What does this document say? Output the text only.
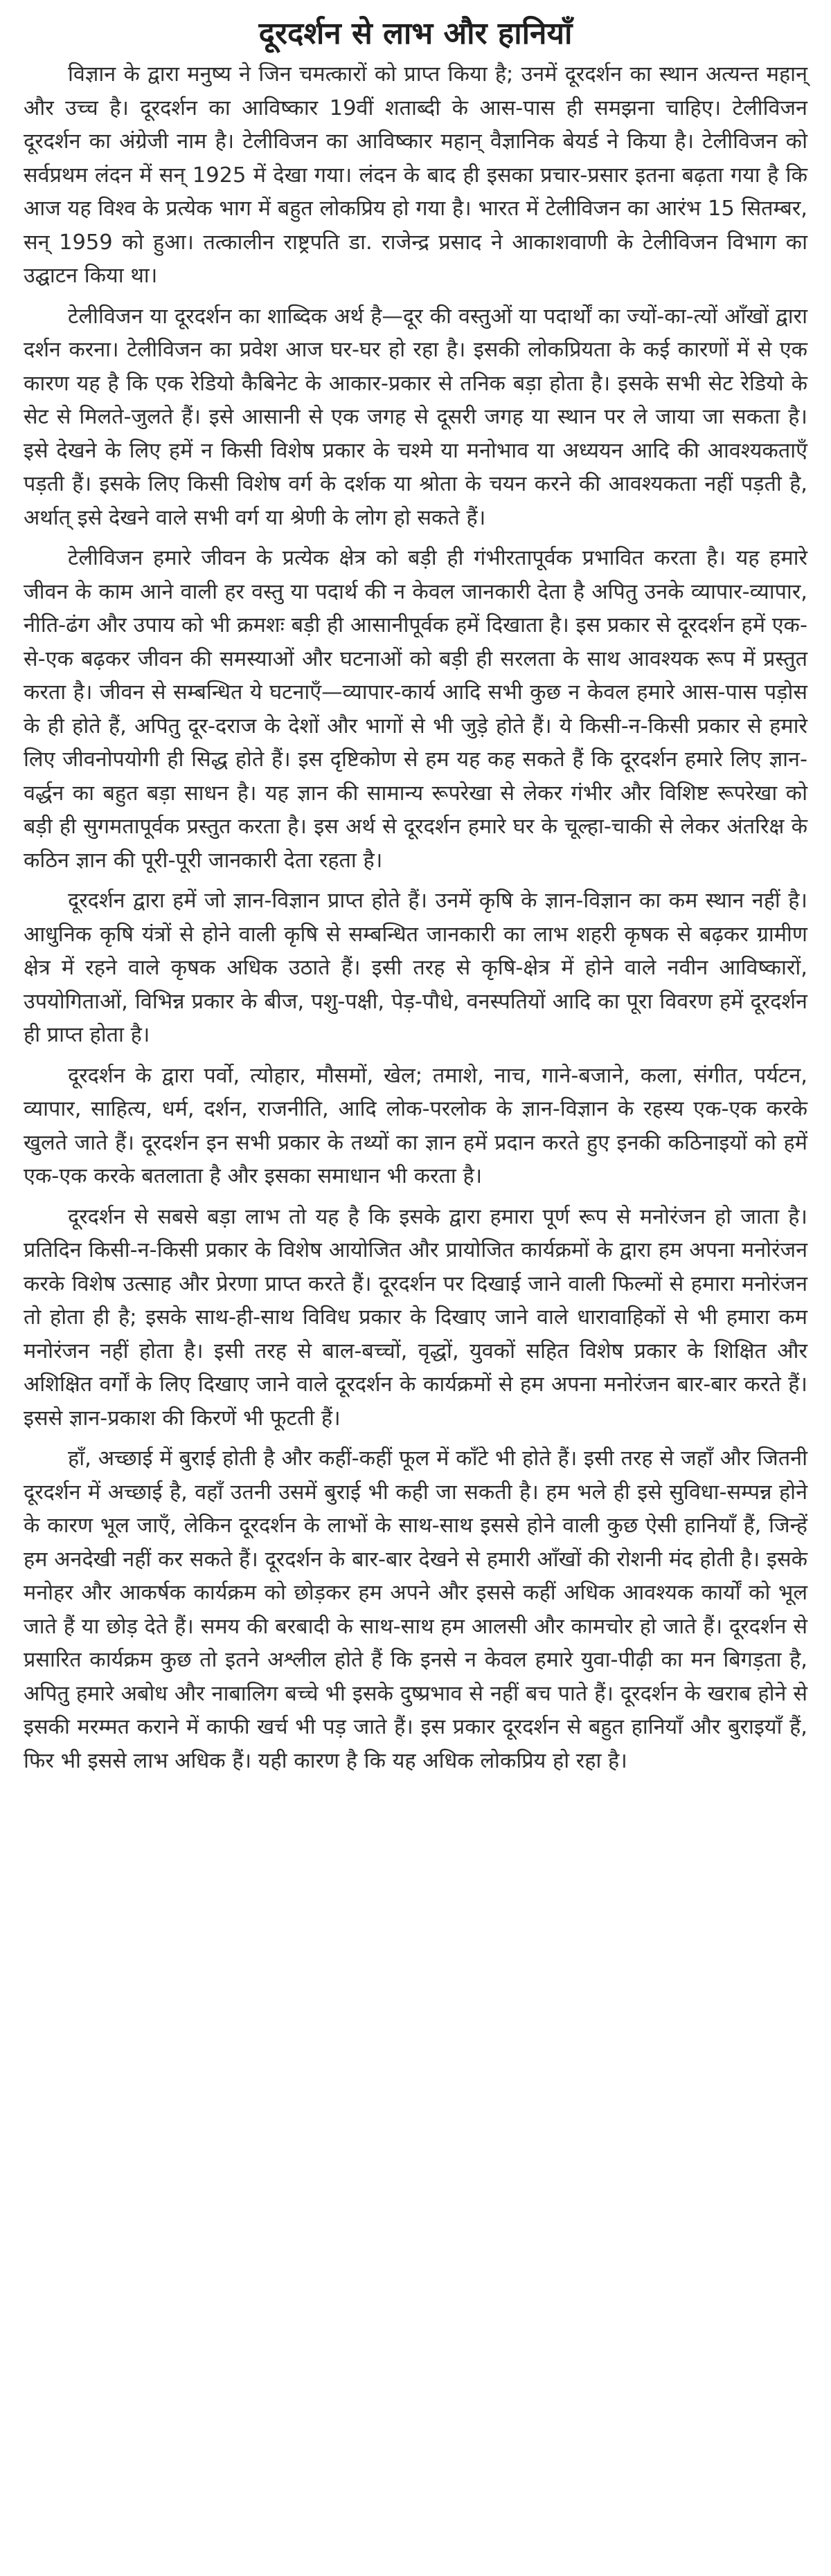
दूरदर्शन से लाभ और हानियाँ

विज्ञान के द्वारा मनुष्य ने जिन चमत्कारों को प्राप्त किया है; उनमें दूरदर्शन का स्थान अत्यन्त महान् और उच्च है। दूरदर्शन का आविष्कार 19वीं शताब्दी के आस-पास ही समझना चाहिए। टेलीविजन दूरदर्शन का अंग्रेजी नाम है। टेलीविजन का आविष्कार महान् वैज्ञानिक बेयर्ड ने किया है। टेलीविजन को सर्वप्रथम लंदन में सन् 1925 में देखा गया। लंदन के बाद ही इसका प्रचार-प्रसार इतना बढ़ता गया है कि आज यह विश्व के प्रत्येक भाग में बहुत लोकप्रिय हो गया है। भारत में टेलीविजन का आरंभ 15 सितम्बर, सन् 1959 को हुआ। तत्कालीन राष्ट्रपति डा. राजेन्द्र प्रसाद ने आकाशवाणी के टेलीविजन विभाग का उद्घाटन किया था।

टेलीविजन या दूरदर्शन का शाब्दिक अर्थ है—दूर की वस्तुओं या पदार्थों का ज्यों-का-त्यों आँखों द्वारा दर्शन करना। टेलीविजन का प्रवेश आज घर-घर हो रहा है। इसकी लोकप्रियता के कई कारणों में से एक कारण यह है कि एक रेडियो कैबिनेट के आकार-प्रकार से तनिक बड़ा होता है। इसके सभी सेट रेडियो के सेट से मिलते-जुलते हैं। इसे आसानी से एक जगह से दूसरी जगह या स्थान पर ले जाया जा सकता है। इसे देखने के लिए हमें न किसी विशेष प्रकार के चश्मे या मनोभाव या अध्ययन आदि की आवश्यकताएँ पड़ती हैं। इसके लिए किसी विशेष वर्ग के दर्शक या श्रोता के चयन करने की आवश्यकता नहीं पड़ती है, अर्थात् इसे देखने वाले सभी वर्ग या श्रेणी के लोग हो सकते हैं।

टेलीविजन हमारे जीवन के प्रत्येक क्षेत्र को बड़ी ही गंभीरतापूर्वक प्रभावित करता है। यह हमारे जीवन के काम आने वाली हर वस्तु या पदार्थ की न केवल जानकारी देता है अपितु उनके व्यापार-व्यापार, नीति-ढंग और उपाय को भी क्रमशः बड़ी ही आसानीपूर्वक हमें दिखाता है। इस प्रकार से दूरदर्शन हमें एक-से-एक बढ़कर जीवन की समस्याओं और घटनाओं को बड़ी ही सरलता के साथ आवश्यक रूप में प्रस्तुत करता है। जीवन से सम्बन्धित ये घटनाएँ—व्यापार-कार्य आदि सभी कुछ न केवल हमारे आस-पास पड़ोस के ही होते हैं, अपितु दूर-दराज के देशों और भागों से भी जुड़े होते हैं। ये किसी-न-किसी प्रकार से हमारे लिए जीवनोपयोगी ही सिद्ध होते हैं। इस दृष्टिकोण से हम यह कह सकते हैं कि दूरदर्शन हमारे लिए ज्ञान-वर्द्धन का बहुत बड़ा साधन है। यह ज्ञान की सामान्य रूपरेखा से लेकर गंभीर और विशिष्ट रूपरेखा को बड़ी ही सुगमतापूर्वक प्रस्तुत करता है। इस अर्थ से दूरदर्शन हमारे घर के चूल्हा-चाकी से लेकर अंतरिक्ष के कठिन ज्ञान की पूरी-पूरी जानकारी देता रहता है।

दूरदर्शन द्वारा हमें जो ज्ञान-विज्ञान प्राप्त होते हैं। उनमें कृषि के ज्ञान-विज्ञान का कम स्थान नहीं है। आधुनिक कृषि यंत्रों से होने वाली कृषि से सम्बन्धित जानकारी का लाभ शहरी कृषक से बढ़कर ग्रामीण क्षेत्र में रहने वाले कृषक अधिक उठाते हैं। इसी तरह से कृषि-क्षेत्र में होने वाले नवीन आविष्कारों, उपयोगिताओं, विभिन्न प्रकार के बीज, पशु-पक्षी, पेड़-पौधे, वनस्पतियों आदि का पूरा विवरण हमें दूरदर्शन ही प्राप्त होता है।

दूरदर्शन के द्वारा पर्वो, त्योहार, मौसमों, खेल; तमाशे, नाच, गाने-बजाने, कला, संगीत, पर्यटन, व्यापार, साहित्य, धर्म, दर्शन, राजनीति, आदि लोक-परलोक के ज्ञान-विज्ञान के रहस्य एक-एक करके खुलते जाते हैं। दूरदर्शन इन सभी प्रकार के तथ्यों का ज्ञान हमें प्रदान करते हुए इनकी कठिनाइयों को हमें एक-एक करके बतलाता है और इसका समाधान भी करता है।

दूरदर्शन से सबसे बड़ा लाभ तो यह है कि इसके द्वारा हमारा पूर्ण रूप से मनोरंजन हो जाता है। प्रतिदिन किसी-न-किसी प्रकार के विशेष आयोजित और प्रायोजित कार्यक्रमों के द्वारा हम अपना मनोरंजन करके विशेष उत्साह और प्रेरणा प्राप्त करते हैं। दूरदर्शन पर दिखाई जाने वाली फिल्मों से हमारा मनोरंजन तो होता ही है; इसके साथ-ही-साथ विविध प्रकार के दिखाए जाने वाले धारावाहिकों से भी हमारा कम मनोरंजन नहीं होता है। इसी तरह से बाल-बच्चों, वृद्धों, युवकों सहित विशेष प्रकार के शिक्षित और अशिक्षित वर्गों के लिए दिखाए जाने वाले दूरदर्शन के कार्यक्रमों से हम अपना मनोरंजन बार-बार करते हैं। इससे ज्ञान-प्रकाश की किरणें भी फूटती हैं।

हाँ, अच्छाई में बुराई होती है और कहीं-कहीं फूल में काँटे भी होते हैं। इसी तरह से जहाँ और जितनी दूरदर्शन में अच्छाई है, वहाँ उतनी उसमें बुराई भी कही जा सकती है। हम भले ही इसे सुविधा-सम्पन्न होने के कारण भूल जाएँ, लेकिन दूरदर्शन के लाभों के साथ-साथ इससे होने वाली कुछ ऐसी हानियाँ हैं, जिन्हें हम अनदेखी नहीं कर सकते हैं। दूरदर्शन के बार-बार देखने से हमारी आँखों की रोशनी मंद होती है। इसके मनोहर और आकर्षक कार्यक्रम को छोड़कर हम अपने और इससे कहीं अधिक आवश्यक कार्यों को भूल जाते हैं या छोड़ देते हैं। समय की बरबादी के साथ-साथ हम आलसी और कामचोर हो जाते हैं। दूरदर्शन से प्रसारित कार्यक्रम कुछ तो इतने अश्लील होते हैं कि इनसे न केवल हमारे युवा-पीढ़ी का मन बिगड़ता है, अपितु हमारे अबोध और नाबालिग बच्चे भी इसके दुष्प्रभाव से नहीं बच पाते हैं। दूरदर्शन के खराब होने से इसकी मरम्मत कराने में काफी खर्च भी पड़ जाते हैं। इस प्रकार दूरदर्शन से बहुत हानियाँ और बुराइयाँ हैं, फिर भी इससे लाभ अधिक हैं। यही कारण है कि यह अधिक लोकप्रिय हो रहा है।
